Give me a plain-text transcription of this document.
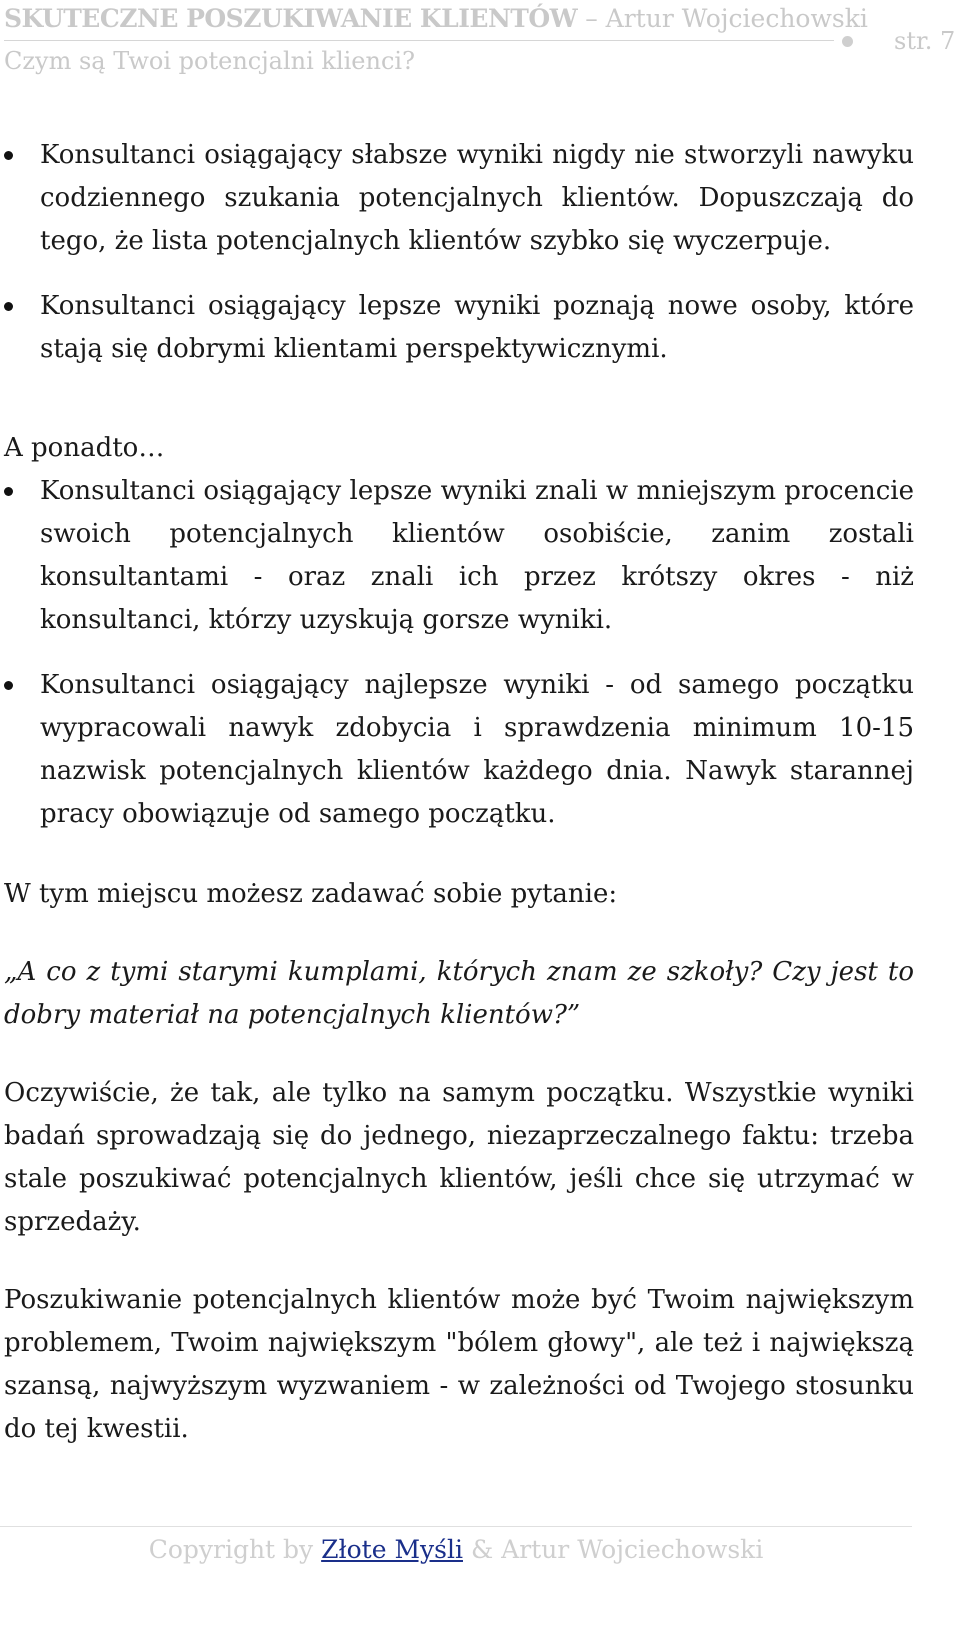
SKUTECZNE POSZUKIWANIE KLIENTÓW – Artur Wojciechowski
Czym są Twoi potencjalni klienci?
str. 7
Konsultanci osiągający słabsze wyniki nigdy nie stworzyli nawyku codziennego szukania potencjalnych klientów. Dopuszczają do tego, że lista potencjalnych klientów szybko się wyczerpuje.
Konsultanci osiągający lepsze wyniki poznają nowe osoby, które stają się dobrymi klientami perspektywicznymi.

A ponadto…

Konsultanci osiągający lepsze wyniki znali w mniejszym procencie swoich potencjalnych klientów osobiście, zanim zostali konsultantami - oraz znali ich przez krótszy okres - niż konsultanci, którzy uzyskują gorsze wyniki.
Konsultanci osiągający najlepsze wyniki - od samego początku wypracowali nawyk zdobycia i sprawdzenia minimum 10-15 nazwisk potencjalnych klientów każdego dnia. Nawyk starannej pracy obowiązuje od samego początku.

W tym miejscu możesz zadawać sobie pytanie:

„A co z tymi starymi kumplami, których znam ze szkoły? Czy jest to dobry materiał na potencjalnych klientów?”

Oczywiście, że tak, ale tylko na samym początku. Wszystkie wyniki badań sprowadzają się do jednego, niezaprzeczalnego faktu: trzeba stale poszukiwać potencjalnych klientów, jeśli chce się utrzymać w sprzedaży.

Poszukiwanie potencjalnych klientów może być Twoim największym problemem, Twoim największym "bólem głowy", ale też i największą szansą, najwyższym wyzwaniem - w zależności od Twojego stosunku do tej kwestii.

Copyright by Złote Myśli & Artur Wojciechowski
